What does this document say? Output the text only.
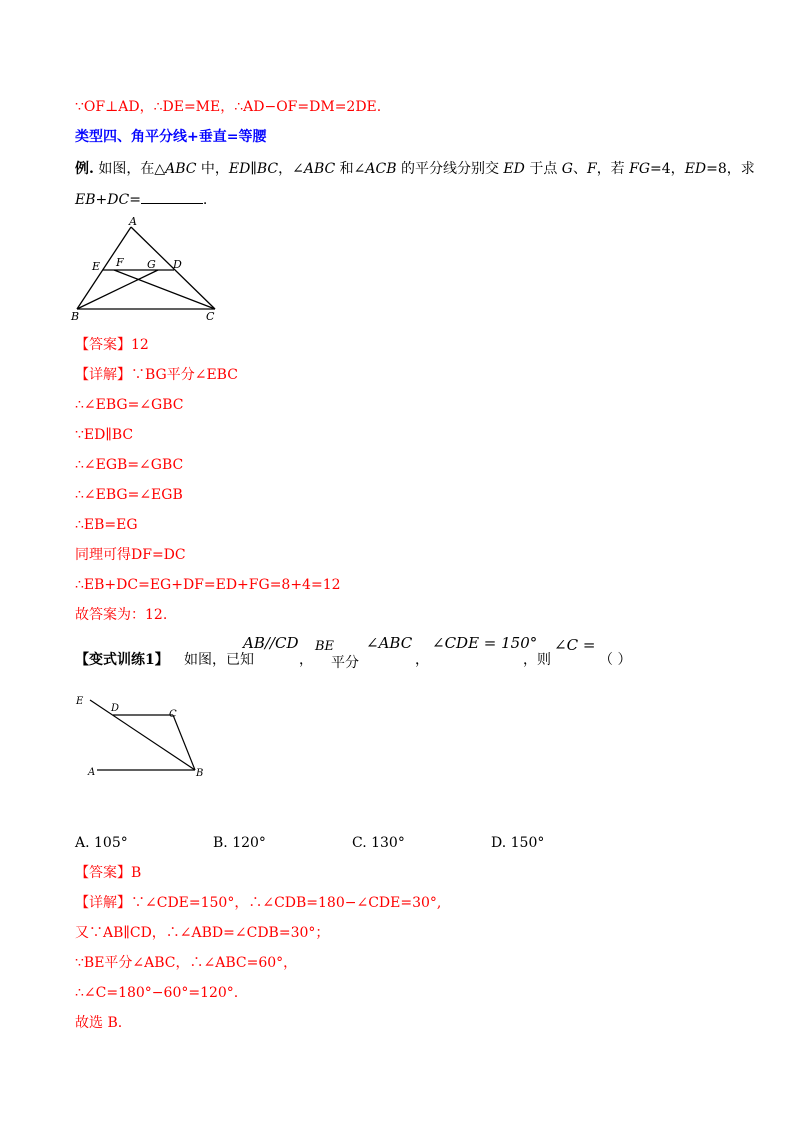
∵OF⊥AD，∴DE=ME，∴AD−OF=DM=2DE.
类型四、角平分线+垂直=等腰
例. 如图，在△ABC 中，ED∥BC，∠ABC 和∠ACB 的平分线分别交 ED 于点 G、F，若 FG=4，ED=8，求
EB+DC=	.
A
E F G D
B	C
【答案】12
【详解】∵BG平分∠EBC
∴∠EBG=∠GBC
∵ED∥BC
∴∠EGB=∠GBC
∴∠EBG=∠EGB
∴EB=EG
同理可得DF=DC
∴EB+DC=EG+DF=ED+FG=8+4=12
故答案为：12.
【变式训练1】 如图，已知
AB//CD
，
BE
平分
∠ABC
，
∠CDE = 150°
，则
∠C =
（ ）
E
D
C
A	B
A. 105°	B. 120°	C. 130°	D. 150°
【答案】B
【详解】∵∠CDE=150°，∴∠CDB=180−∠CDE=30°,
又∵AB∥CD，∴∠ABD=∠CDB=30°；
∵BE平分∠ABC，∴∠ABC=60°，
∴∠C=180°−60°=120°.
故选 B.
